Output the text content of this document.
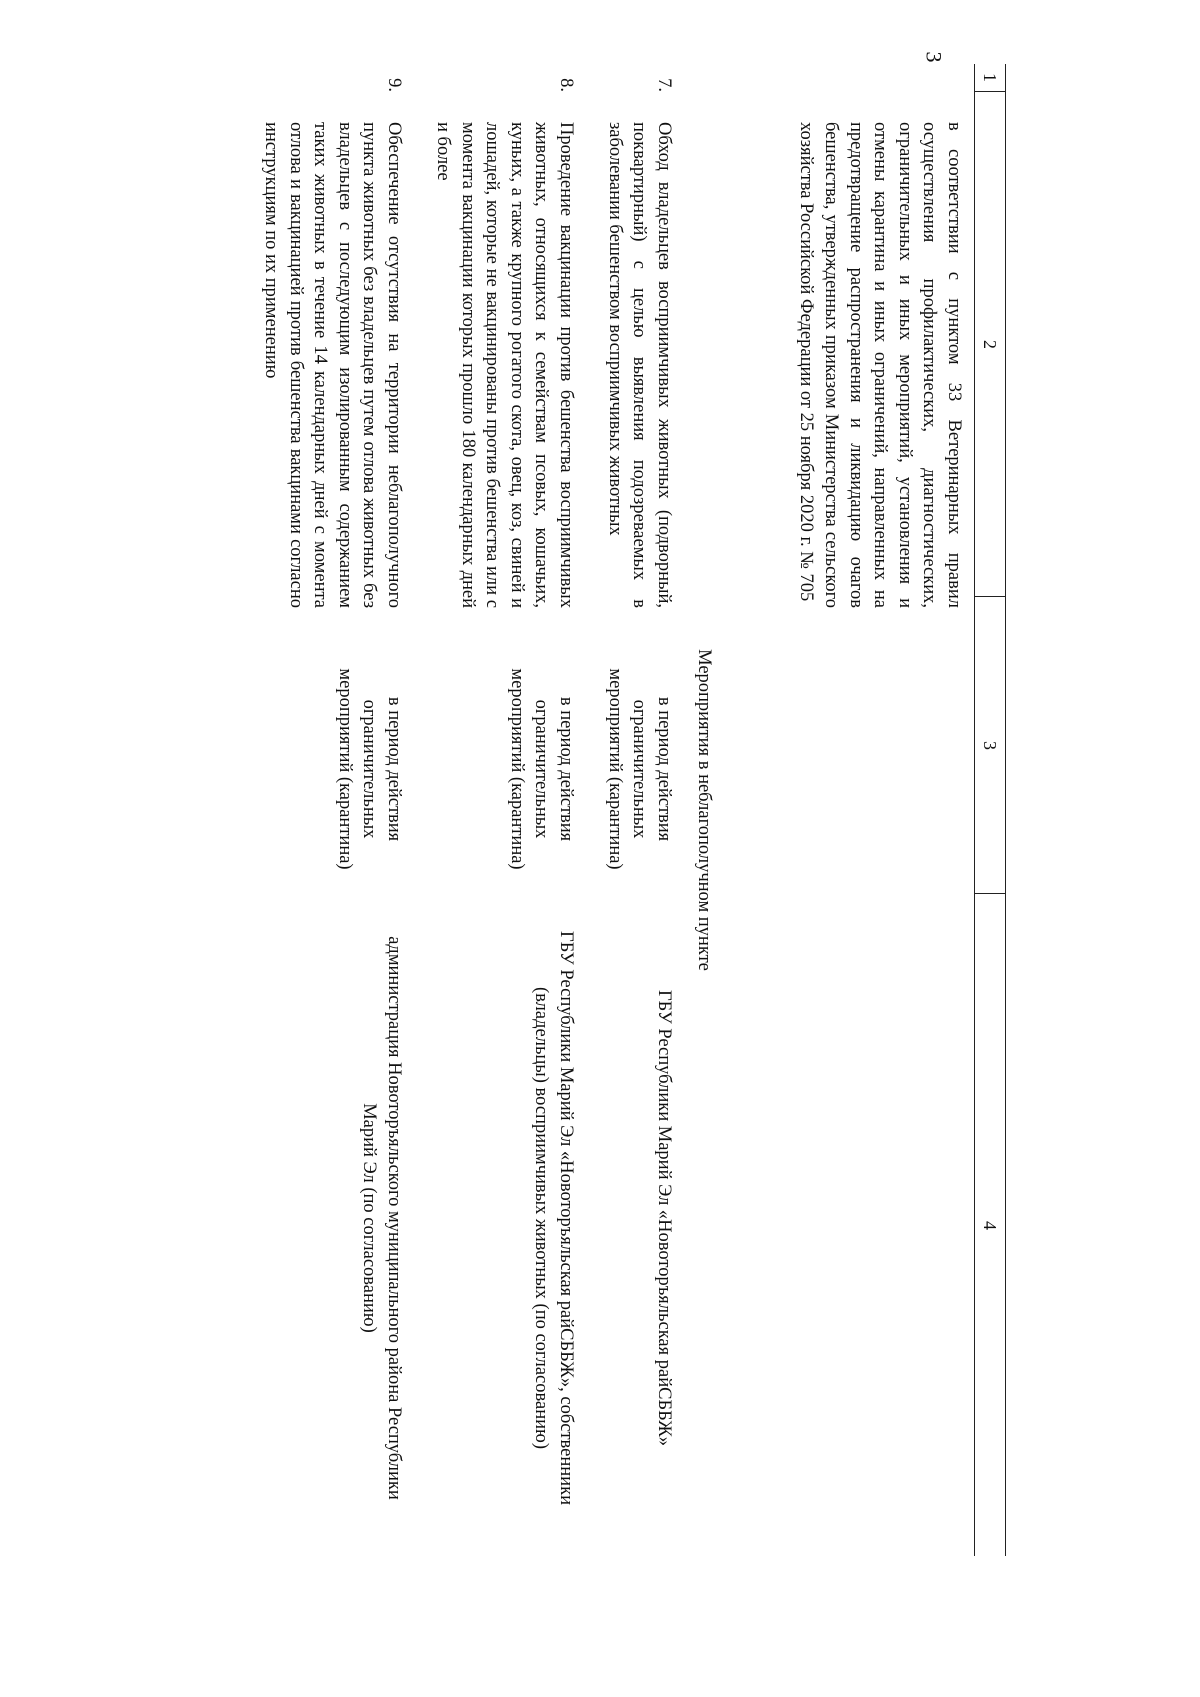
3
1
2
3
4
в соответствии с пунктом 33 Ветеринарных правил осуществления профилактических, диагностических, ограничительных и иных мероприятий, установления и отмены карантина и иных ограничений, направленных на предотвращение распространения и ликвидацию очагов бешенства, утвержденных приказом Министерства сельского хозяйства Российской Федерации от 25 ноября 2020 г. № 705
Мероприятия в неблагополучном пункте
7.
Обход владельцев восприимчивых животных (подворный, поквартирный) с целью выявления подозреваемых в заболевании бешенством восприимчивых животных
в период действия ограничительных мероприятий (карантина)
ГБУ Республики Марий Эл «Новоторъяльская райСББЖ»
8.
Проведение вакцинации против бешенства восприимчивых животных, относящихся к семействам псовых, кошачьих, куньих, а также крупного рогатого скота, овец, коз, свиней и лошадей, которые не вакцинированы против бешенства или с момента вакцинации которых прошло 180 календарных дней и более
в период действия ограничительных мероприятий (карантина)
ГБУ Республики Марий Эл «Новоторъяльская райСББЖ», собственники (владельцы) восприимчивых животных (по согласованию)
9.
Обеспечение отсутствия на территории неблагополучного пункта животных без владельцев путем отлова животных без владельцев с последующим изолированным содержанием таких животных в течение 14 календарных дней с момента отлова и вакцинацией против бешенства вакцинами согласно инструкциям по их применению
в период действия ограничительных мероприятий (карантина)
администрация Новоторъяльского муниципального района Республики Марий Эл (по согласованию)
